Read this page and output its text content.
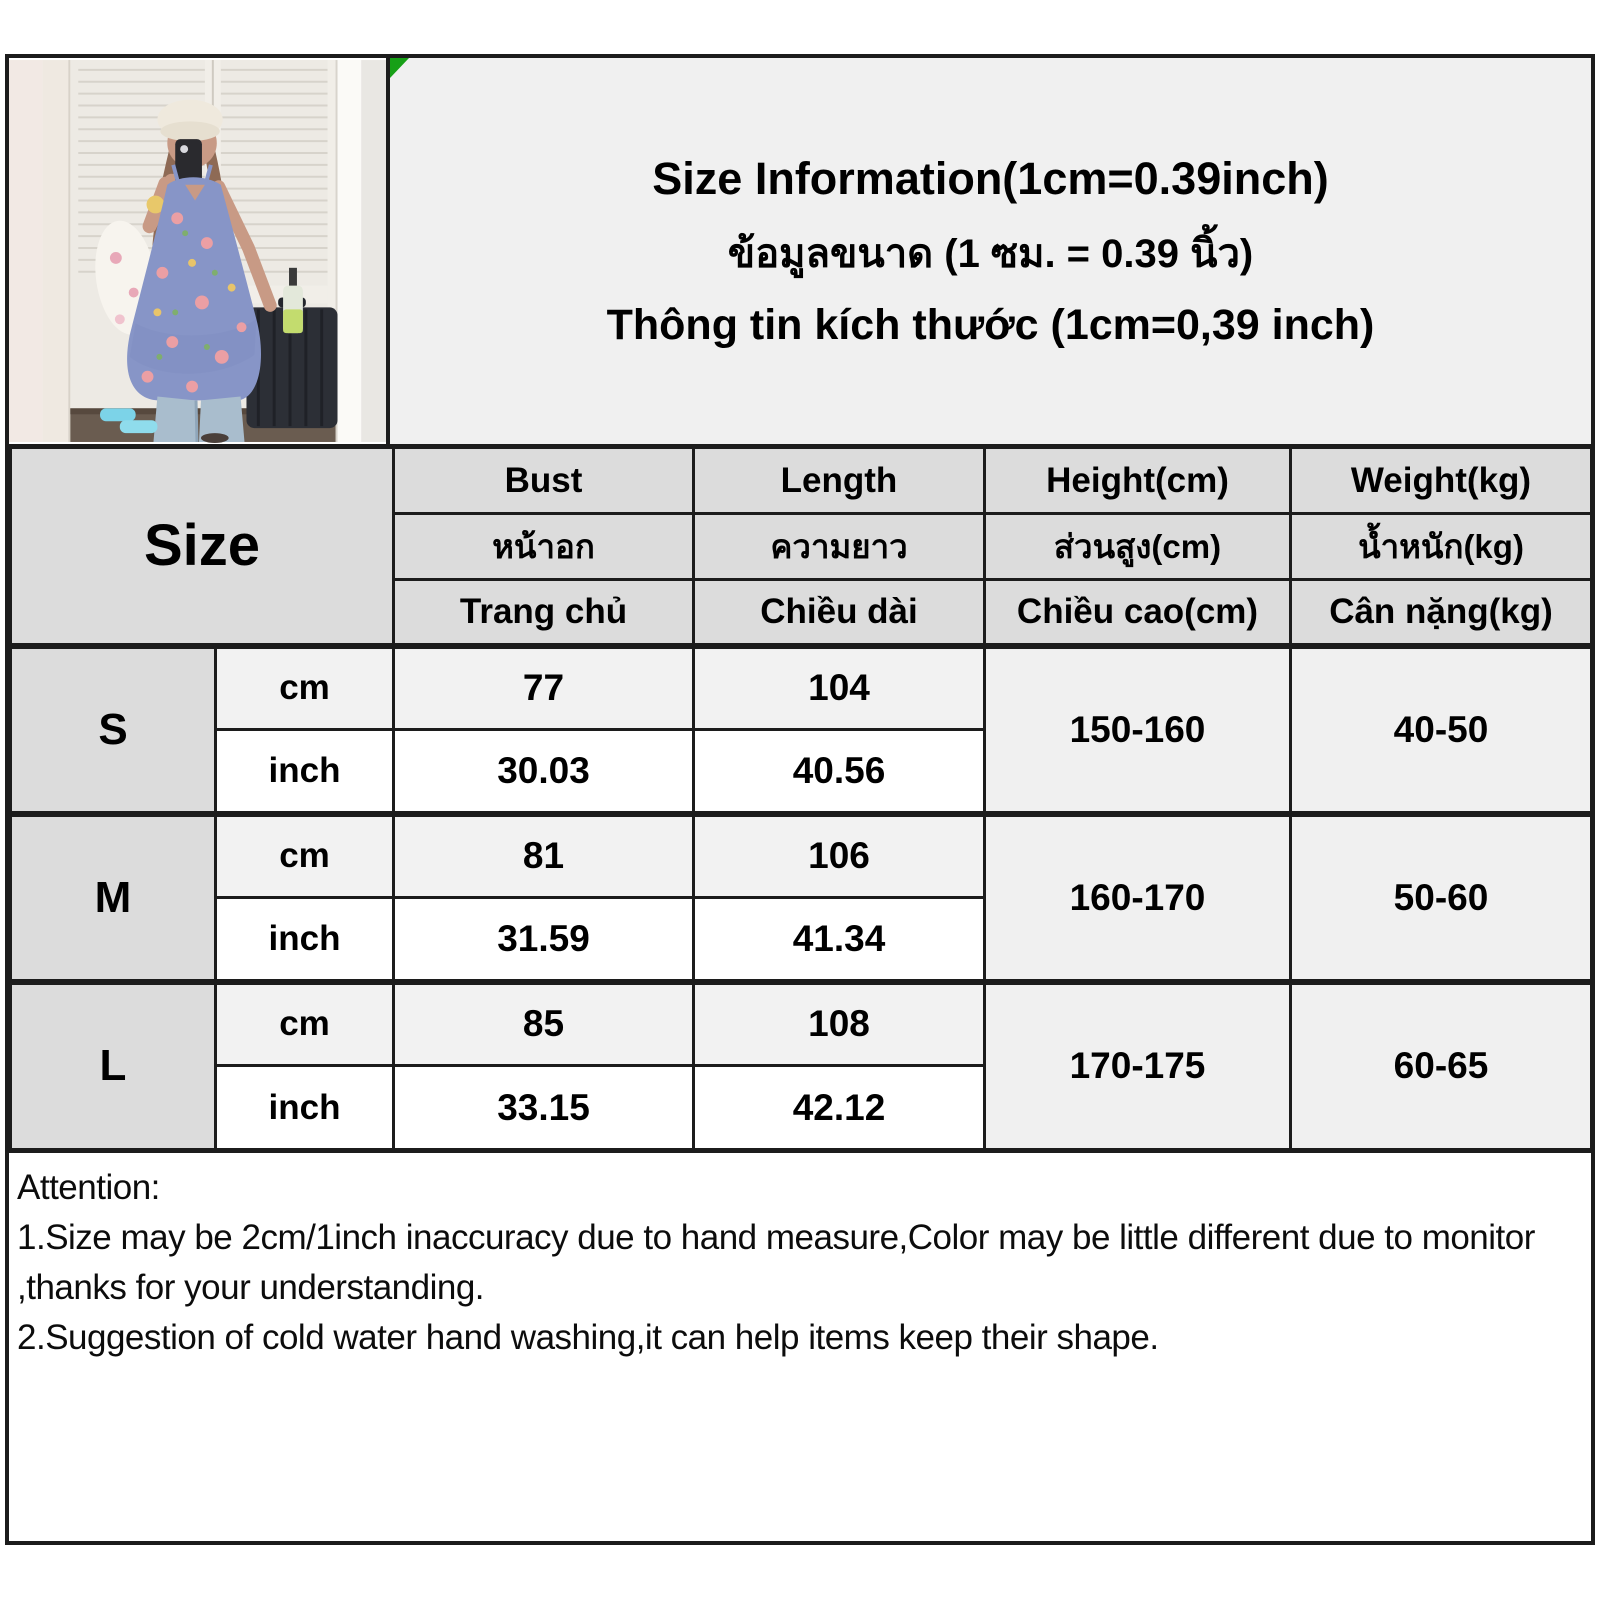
Size Information(1cm=0.39inch)
ข้อมูลขนาด (1 ซม. = 0.39 นิ้ว)
Thông tin kích thước (1cm=0,39 inch)
Size		Bust	Length	Height(cm)	Weight(kg)
		หน้าอก	ความยาว	ส่วนสูง(cm)	น้ำหนัก(kg)
		Trang chủ	Chiều dài	Chiều cao(cm)	Cân nặng(kg)
S	cm	77	104	150-160	40-50
	inch	30.03	40.56		
M	cm	81	106	160-170	50-60
	inch	31.59	41.34		
L	cm	85	108	170-175	60-65
	inch	33.15	42.12		
Attention:
1.Size may be 2cm/1inch inaccuracy due to hand measure,Color may be little different due to monitor ,thanks for your understanding.
2.Suggestion of cold water hand washing,it can help items keep their shape.
